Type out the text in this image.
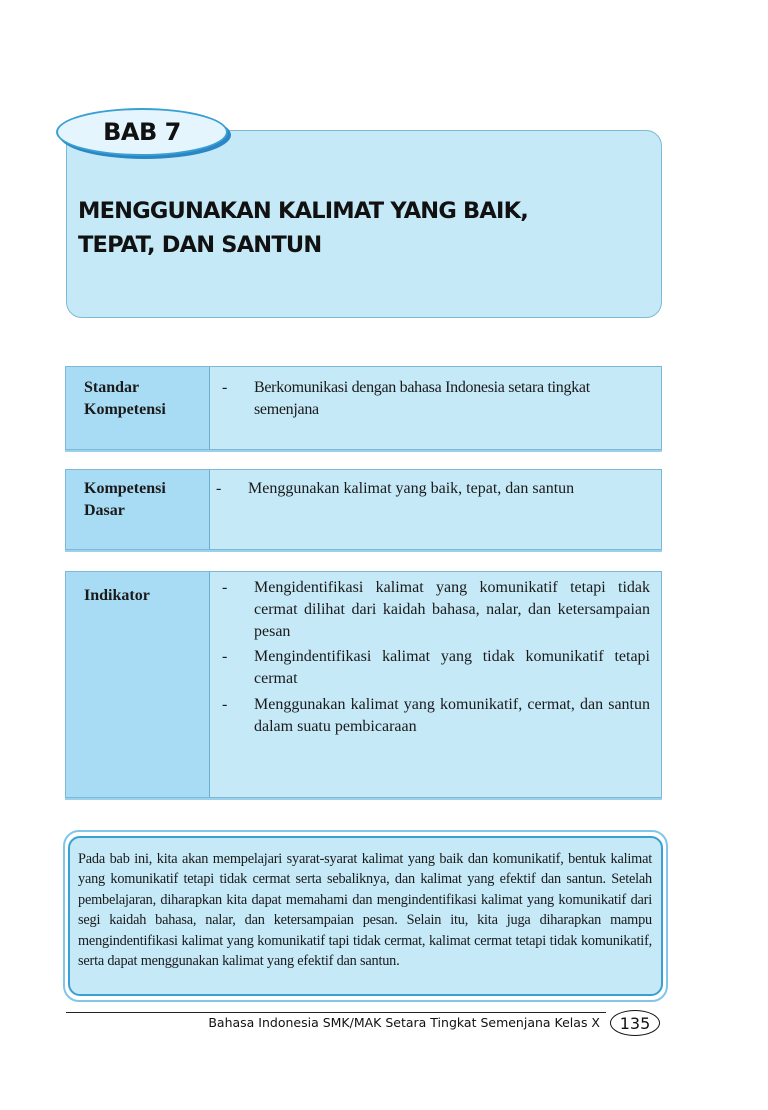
BAB 7
MENGGUNAKAN KALIMAT YANG BAIK,
TEPAT, DAN SANTUN
Standar
Kompetensi
- Berkomunikasi dengan bahasa Indonesia setara tingkat semenjana
Kompetensi
Dasar
- Menggunakan kalimat yang baik, tepat, dan santun
Indikator	- Mengidentifikasi kalimat yang komunikatif tetapi tidak cermat dilihat dari kaidah bahasa, nalar, dan ketersampaian pesan
- Mengindentifikasi kalimat yang tidak komunikatif tetapi cermat
- Menggunakan kalimat yang komunikatif, cermat, dan santun dalam suatu pembicaraan
Pada bab ini, kita akan mempelajari syarat-syarat kalimat yang baik dan komunikatif, bentuk kalimat yang komunikatif tetapi tidak cermat serta sebaliknya, dan kalimat yang efektif dan santun. Setelah pembelajaran, diharapkan kita dapat memahami dan mengindentifikasi kalimat yang komunikatif dari segi kaidah bahasa, nalar, dan ketersampaian pesan. Selain itu, kita juga diharapkan mampu mengindentifikasi kalimat yang komunikatif tapi tidak cermat, kalimat cermat tetapi tidak komunikatif, serta dapat menggunakan kalimat yang efektif dan santun.
Bahasa Indonesia SMK/MAK Setara Tingkat Semenjana Kelas X 135
